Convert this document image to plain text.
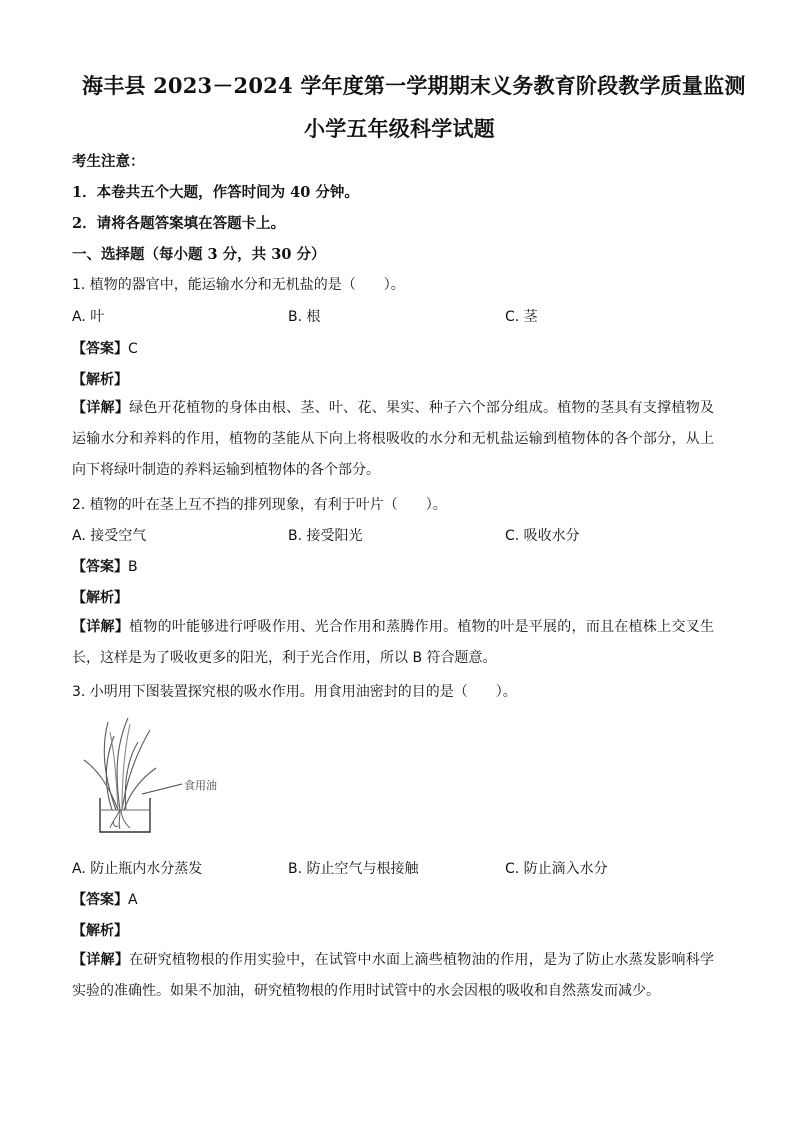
海丰县 2023－2024 学年度第一学期期末义务教育阶段教学质量监测
小学五年级科学试题
考生注意：
1．本卷共五个大题，作答时间为 40 分钟。
2．请将各题答案填在答题卡上。
一、选择题（每小题 3 分，共 30 分）
1. 植物的器官中，能运输水分和无机盐的是（　　）。
A. 叶	B. 根	C. 茎
【答案】C
【解析】
【详解】绿色开花植物的身体由根、茎、叶、花、果实、种子六个部分组成。植物的茎具有支撑植物及运输水分和养料的作用，植物的茎能从下向上将根吸收的水分和无机盐运输到植物体的各个部分，从上向下将绿叶制造的养料运输到植物体的各个部分。
2. 植物的叶在茎上互不挡的排列现象，有利于叶片（　　）。
A. 接受空气	B. 接受阳光	C. 吸收水分
【答案】B
【解析】
【详解】植物的叶能够进行呼吸作用、光合作用和蒸腾作用。植物的叶是平展的，而且在植株上交叉生长，这样是为了吸收更多的阳光，利于光合作用，所以 B 符合题意。
3. 小明用下图装置探究根的吸水作用。用食用油密封的目的是（　　）。
食用油
A. 防止瓶内水分蒸发	B. 防止空气与根接触	C. 防止滴入水分
【答案】A
【解析】
【详解】在研究植物根的作用实验中，在试管中水面上滴些植物油的作用，是为了防止水蒸发影响科学实验的准确性。如果不加油，研究植物根的作用时试管中的水会因根的吸收和自然蒸发而减少。
